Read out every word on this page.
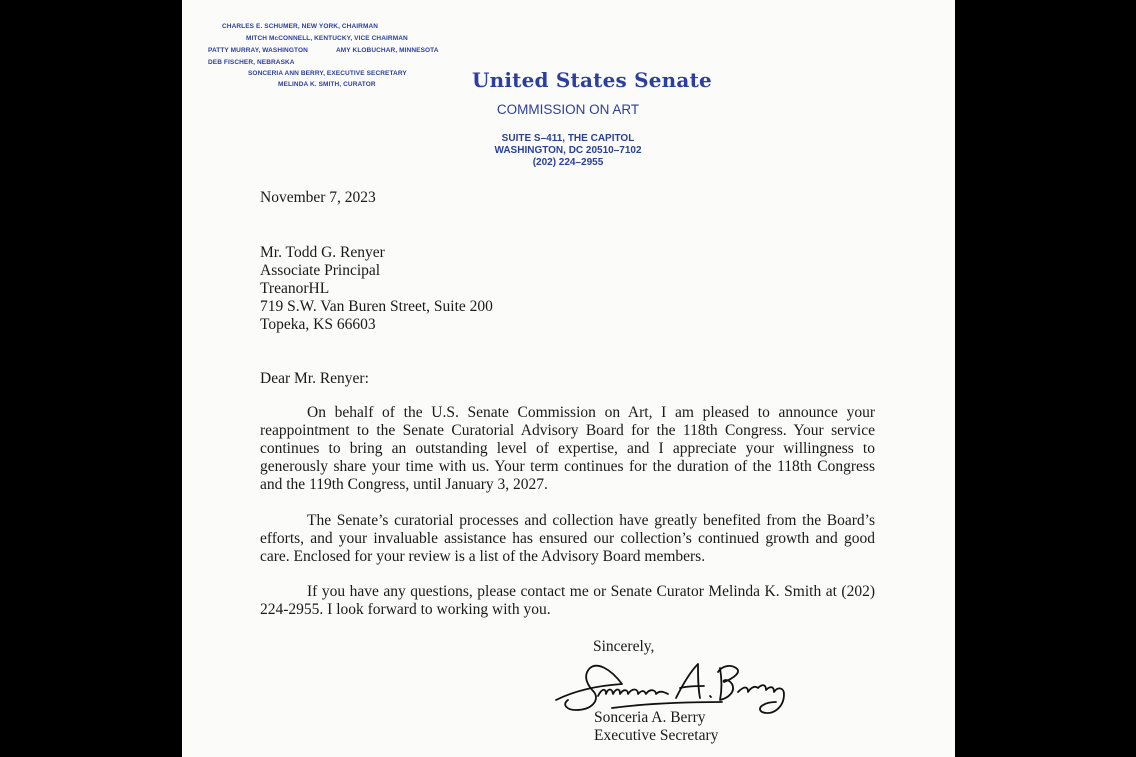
CHARLES E. SCHUMER, NEW YORK, CHAIRMAN
MITCH McCONNELL, KENTUCKY, VICE CHAIRMAN
PATTY MURRAY, WASHINGTON	AMY KLOBUCHAR, MINNESOTA
DEB FISCHER, NEBRASKA
SONCERIA ANN BERRY, EXECUTIVE SECRETARY
MELINDA K. SMITH, CURATOR	United States Senate
COMMISSION ON ART
SUITE S–411, THE CAPITOL
WASHINGTON, DC 20510–7102
(202) 224–2955
November 7, 2023
Mr. Todd G. Renyer
Associate Principal
TreanorHL
719 S.W. Van Buren Street, Suite 200
Topeka, KS 66603
Dear Mr. Renyer:
On behalf of the U.S. Senate Commission on Art, I am pleased to announce your reappointment to the Senate Curatorial Advisory Board for the 118th Congress. Your service continues to bring an outstanding level of expertise, and I appreciate your willingness to generously share your time with us. Your term continues for the duration of the 118th Congress and the 119th Congress, until January 3, 2027.
The Senate’s curatorial processes and collection have greatly benefited from the Board’s efforts, and your invaluable assistance has ensured our collection’s continued growth and good care. Enclosed for your review is a list of the Advisory Board members.
If you have any questions, please contact me or Senate Curator Melinda K. Smith at (202) 224-2955. I look forward to working with you.
Sincerely,
Sonceria A. Berry
Executive Secretary
